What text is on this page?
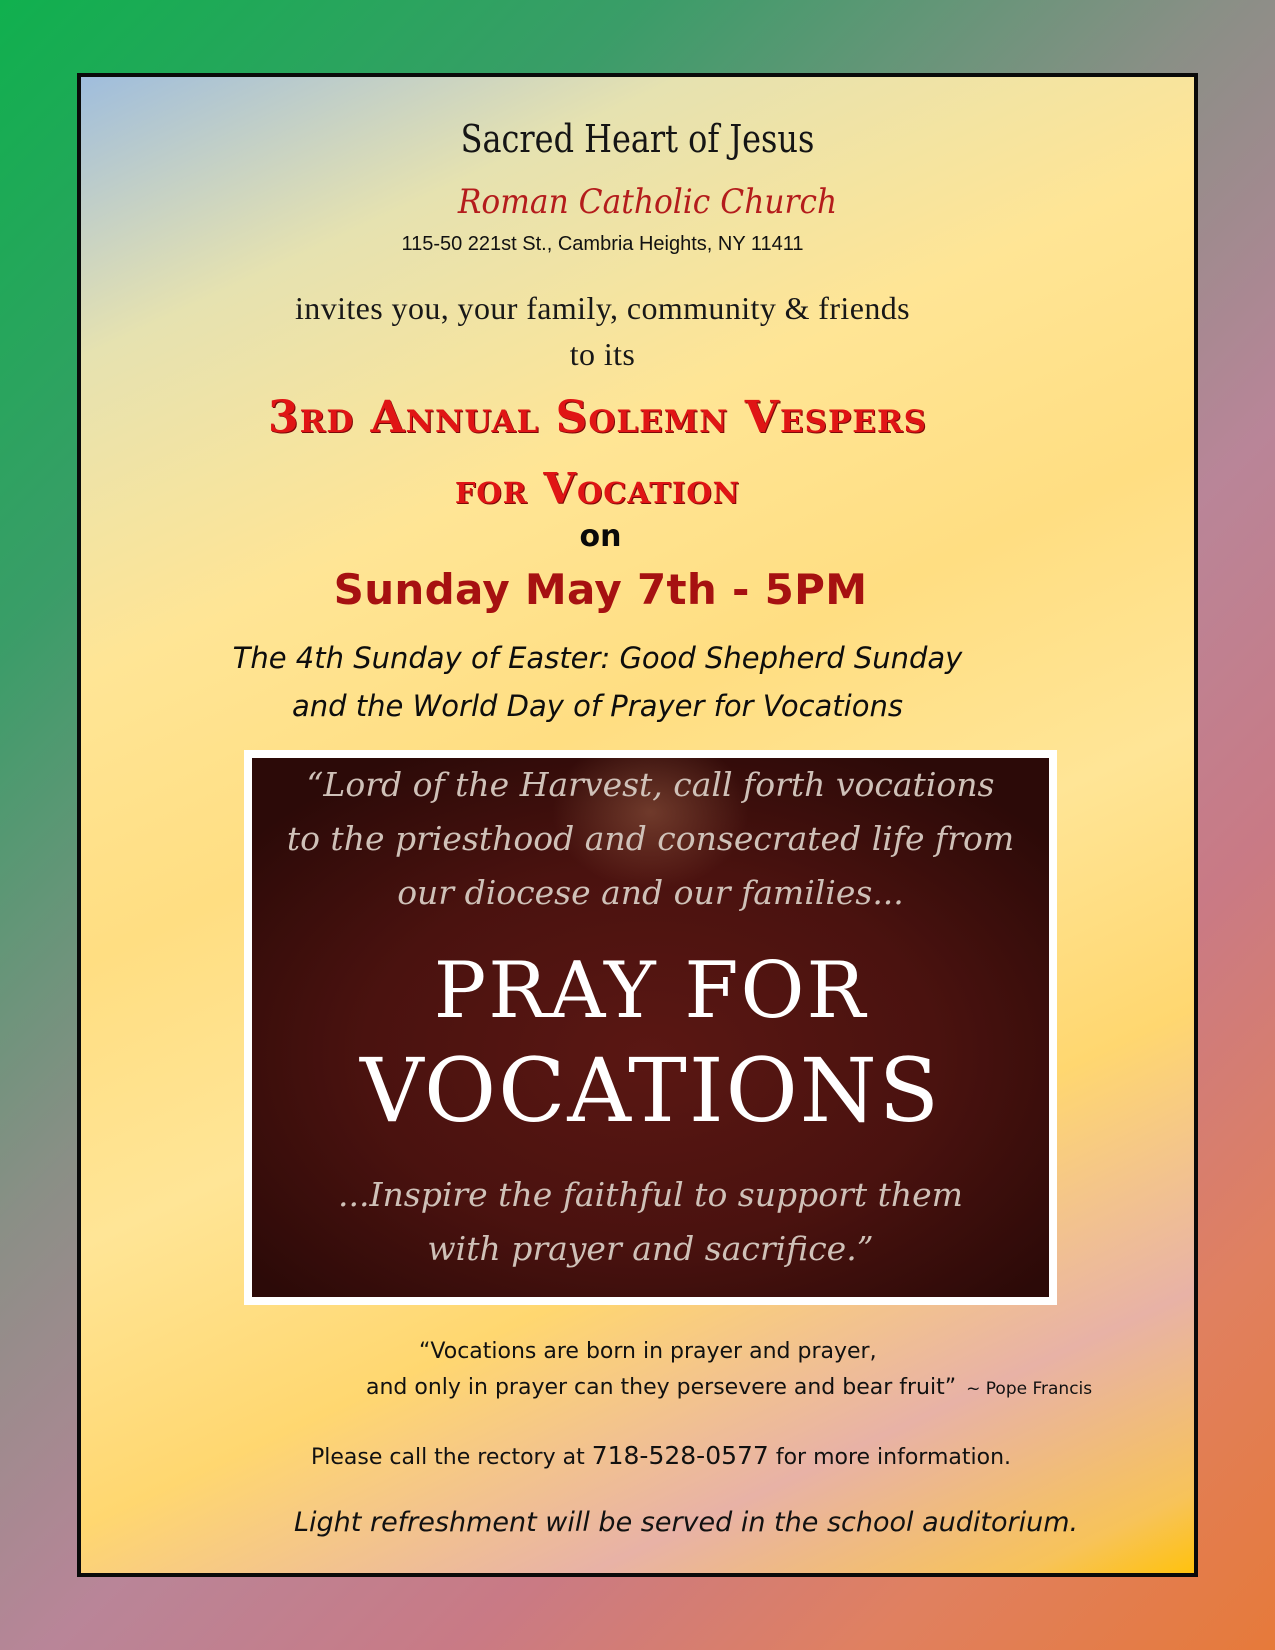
Sacred Heart of Jesus
Roman Catholic Church
115-50 221st St., Cambria Heights, NY 11411
invites you, your family, community & friends
to its
3rd Annual Solemn Vespers
for Vocation
on
Sunday May 7th - 5PM
The 4th Sunday of Easter: Good Shepherd Sunday
and the World Day of Prayer for Vocations
“Lord of the Harvest, call forth vocations
to the priesthood and consecrated life from
our diocese and our families...
PRAY FOR
VOCATIONS
...Inspire the faithful to support them
with prayer and sacrifice.”
“Vocations are born in prayer and prayer,
and only in prayer can they persevere and bear fruit” ~ Pope Francis
Please call the rectory at 718-528-0577 for more information.
Light refreshment will be served in the school auditorium.
